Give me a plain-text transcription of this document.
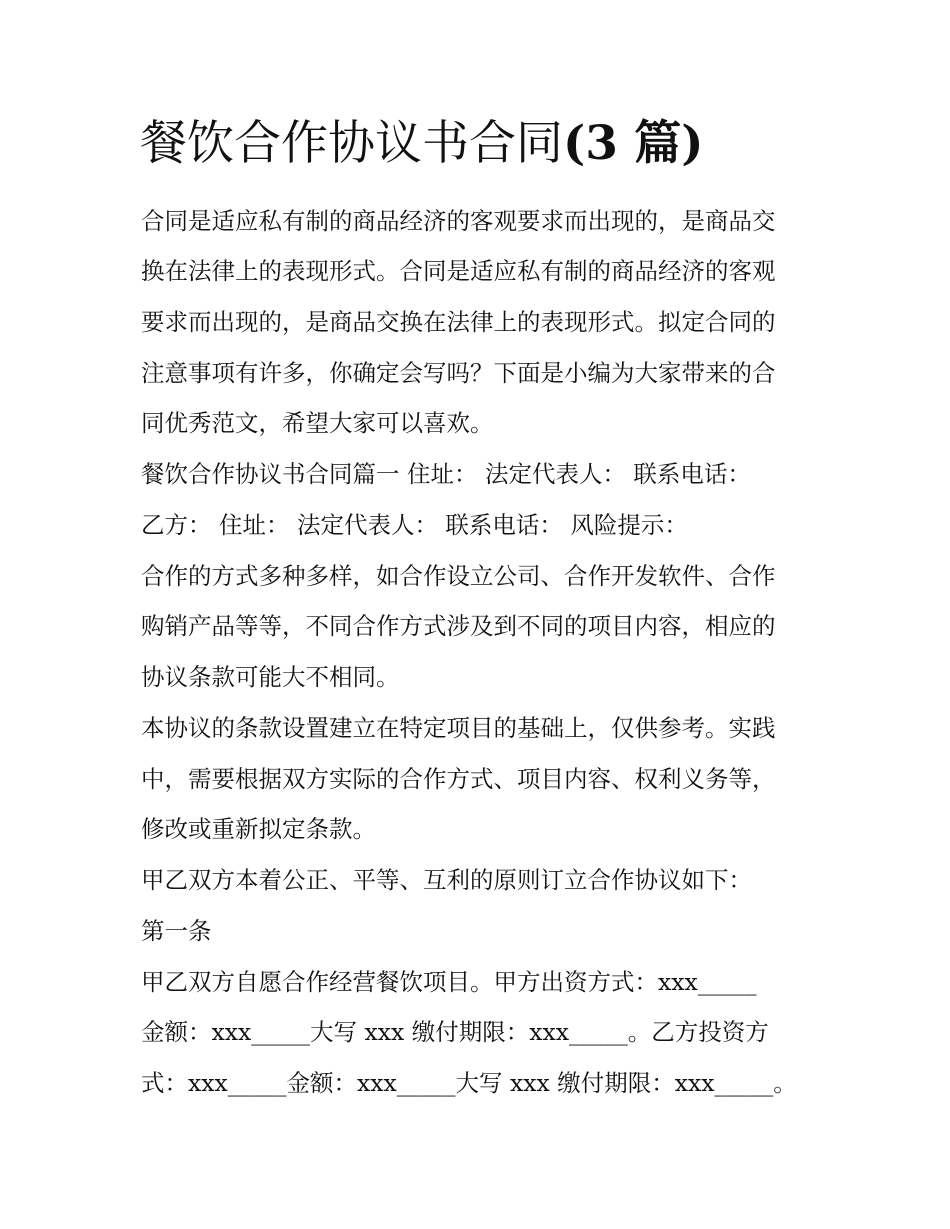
餐饮合作协议书合同(3 篇)
合同是适应私有制的商品经济的客观要求而出现的，是商品交
换在法律上的表现形式。合同是适应私有制的商品经济的客观
要求而出现的，是商品交换在法律上的表现形式。拟定合同的
注意事项有许多，你确定会写吗？下面是小编为大家带来的合
同优秀范文，希望大家可以喜欢。
餐饮合作协议书合同篇一 住址： 法定代表人： 联系电话：
乙方： 住址： 法定代表人： 联系电话： 风险提示：
合作的方式多种多样，如合作设立公司、合作开发软件、合作
购销产品等等，不同合作方式涉及到不同的项目内容，相应的
协议条款可能大不相同。
本协议的条款设置建立在特定项目的基础上，仅供参考。实践
中，需要根据双方实际的合作方式、项目内容、权利义务等，
修改或重新拟定条款。
甲乙双方本着公正、平等、互利的原则订立合作协议如下：
第一条
甲乙双方自愿合作经营餐饮项目。甲方出资方式：xxx_____
金额：xxx_____大写 xxx 缴付期限：xxx_____。乙方投资方
式：xxx_____金额：xxx_____大写 xxx 缴付期限：xxx_____。
